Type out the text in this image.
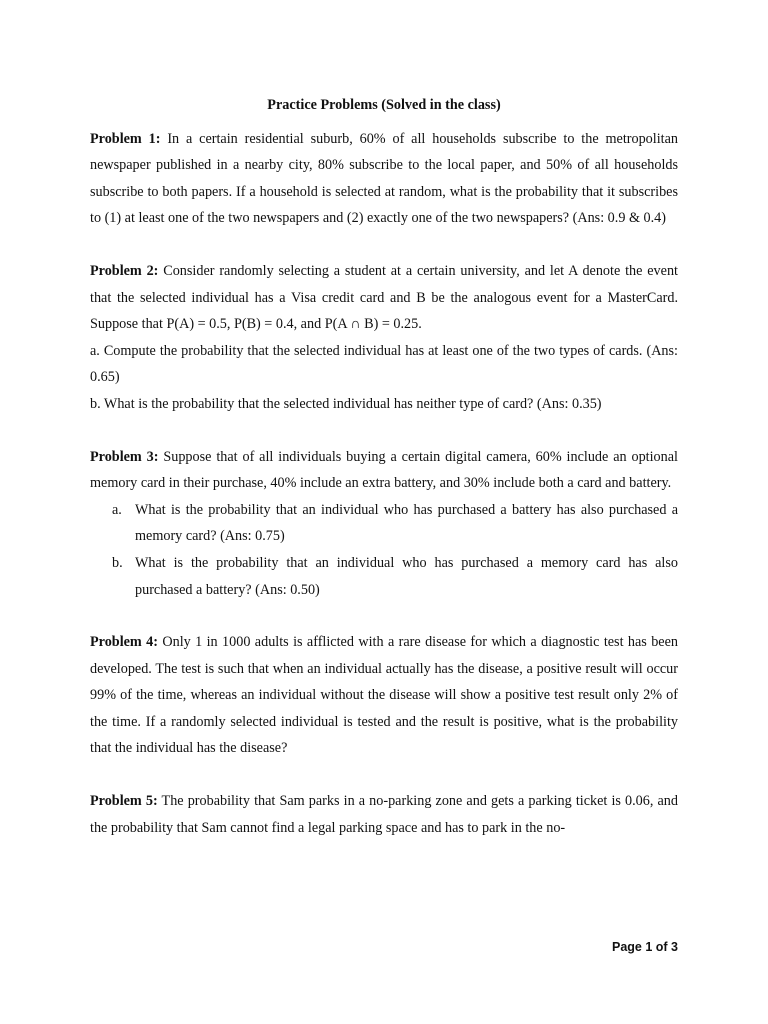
Practice Problems (Solved in the class)
Problem 1: In a certain residential suburb, 60% of all households subscribe to the metropolitan newspaper published in a nearby city, 80% subscribe to the local paper, and 50% of all households subscribe to both papers. If a household is selected at random, what is the probability that it subscribes to (1) at least one of the two newspapers and (2) exactly one of the two newspapers? (Ans: 0.9 & 0.4)
Problem 2: Consider randomly selecting a student at a certain university, and let A denote the event that the selected individual has a Visa credit card and B be the analogous event for a MasterCard. Suppose that P(A) = 0.5, P(B) = 0.4, and P(A ∩ B) = 0.25.
a. Compute the probability that the selected individual has at least one of the two types of cards. (Ans: 0.65)
b. What is the probability that the selected individual has neither type of card? (Ans: 0.35)
Problem 3: Suppose that of all individuals buying a certain digital camera, 60% include an optional memory card in their purchase, 40% include an extra battery, and 30% include both a card and battery.
a. What is the probability that an individual who has purchased a battery has also purchased a memory card? (Ans: 0.75)
b. What is the probability that an individual who has purchased a memory card has also purchased a battery? (Ans: 0.50)
Problem 4: Only 1 in 1000 adults is afflicted with a rare disease for which a diagnostic test has been developed. The test is such that when an individual actually has the disease, a positive result will occur 99% of the time, whereas an individual without the disease will show a positive test result only 2% of the time. If a randomly selected individual is tested and the result is positive, what is the probability that the individual has the disease?
Problem 5: The probability that Sam parks in a no-parking zone and gets a parking ticket is 0.06, and the probability that Sam cannot find a legal parking space and has to park in the no-
Page 1 of 3
